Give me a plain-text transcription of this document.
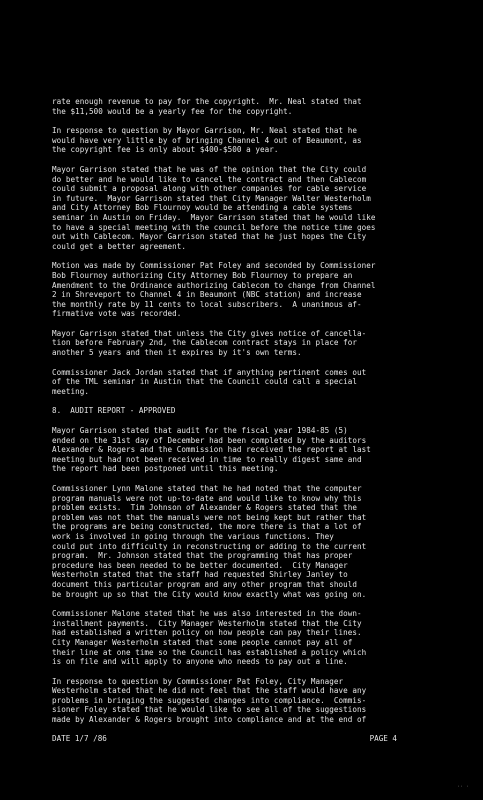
rate enough revenue to pay for the copyright.  Mr. Neal stated that
the $11,500 would be a yearly fee for the copyright.

In response to question by Mayor Garrison, Mr. Neal stated that he
would have very little by of bringing Channel 4 out of Beaumont, as
the copyright fee is only about $400-$500 a year.

Mayor Garrison stated that he was of the opinion that the City could
do better and he would like to cancel the contract and then Cablecom
could submit a proposal along with other companies for cable service
in future.  Mayor Garrison stated that City Manager Walter Westerholm
and City Attorney Bob Flournoy would be attending a cable systems
seminar in Austin on Friday.  Mayor Garrison stated that he would like
to have a special meeting with the council before the notice time goes
out with Cablecom. Mayor Garrison stated that he just hopes the City
could get a better agreement.

Motion was made by Commissioner Pat Foley and seconded by Commissioner
Bob Flournoy authorizing City Attorney Bob Flournoy to prepare an
Amendment to the Ordinance authorizing Cablecom to change from Channel
2 in Shreveport to Channel 4 in Beaumont (NBC station) and increase
the monthly rate by 11 cents to local subscribers.  A unanimous af-
firmative vote was recorded.

Mayor Garrison stated that unless the City gives notice of cancella-
tion before February 2nd, the Cablecom contract stays in place for
another 5 years and then it expires by it's own terms.

Commissioner Jack Jordan stated that if anything pertinent comes out
of the TML seminar in Austin that the Council could call a special
meeting.

8.  AUDIT REPORT - APPROVED

Mayor Garrison stated that audit for the fiscal year 1984-85 (5)
ended on the 31st day of December had been completed by the auditors
Alexander & Rogers and the Commission had received the report at last
meeting but had not been received in time to really digest same and
the report had been postponed until this meeting.

Commissioner Lynn Malone stated that he had noted that the computer
program manuals were not up-to-date and would like to know why this
problem exists.  Tim Johnson of Alexander & Rogers stated that the
problem was not that the manuals were not being kept but rather that
the programs are being constructed, the more there is that a lot of
work is involved in going through the various functions. They
could put into difficulty in reconstructing or adding to the current
program.  Mr. Johnson stated that the programming that has proper
procedure has been needed to be better documented.  City Manager
Westerholm stated that the staff had requested Shirley Janley to
document this particular program and any other program that should
be brought up so that the City would know exactly what was going on.

Commissioner Malone stated that he was also interested in the down-
installment payments.  City Manager Westerholm stated that the City
had established a written policy on how people can pay their lines.
City Manager Westerholm stated that some people cannot pay all of
their line at one time so the Council has established a policy which
is on file and will apply to anyone who needs to pay out a line.

In response to question by Commissioner Pat Foley, City Manager
Westerholm stated that he did not feel that the staff would have any
problems in bringing the suggested changes into compliance.  Commis-
sioner Foley stated that he would like to see all of the suggestions
made by Alexander & Rogers brought into compliance and at the end of

DATE 1/7 /86	PAGE 4
·· ·
